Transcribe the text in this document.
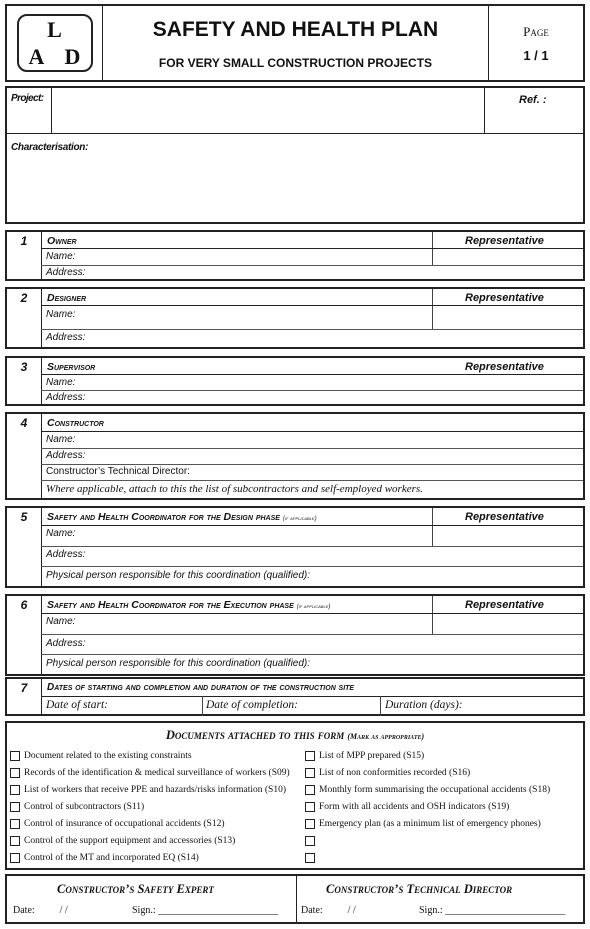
L
A D
SAFETY AND HEALTH PLAN
FOR VERY SMALL CONSTRUCTION PROJECTS
Page
1 / 1
Project:	Ref. :
Characterisation:
1	Owner	Representative
Name:
Address:
2	Designer	Representative
Name:
Address:
3	Supervisor	Representative
Name:
Address:
4	Constructor
Name:
Address:
Constructor’s Technical Director:
Where applicable, attach to this the list of subcontractors and self-employed workers.
5	Safety and Health Coordinator for the Design phase (if applicable)	Representative
Name:
Address:
Physical person responsible for this coordination (qualified):
6	Safety and Health Coordinator for the Execution phase (if applicable)	Representative
Name:
Address:
Physical person responsible for this coordination (qualified):
7	Dates of starting and completion and duration of the construction site
Date of start:	Date of completion:	Duration (days):
Documents attached to this form (Mark as appropriate)
Document related to the existing constraints
Records of the identification & medical surveillance of workers (S09)
List of workers that receive PPE and hazards/risks information (S10)
Control of subcontractors (S11)
Control of insurance of occupational accidents (S12)
Control of the support equipment and accessories (S13)
Control of the MT and incorporated EQ (S14)
List of MPP prepared (S15)
List of non conformities recorded (S16)
Monthly form summarising the occupational accidents (S18)
Form with all accidents and OSH indicators (S19)
Emergency plan (as a minimum list of emergency phones)
Constructor’s Safety Expert	Constructor’s Technical Director
Date:	/ /	Sign.: ________________________ Date:	/ /	Sign.: ________________________
